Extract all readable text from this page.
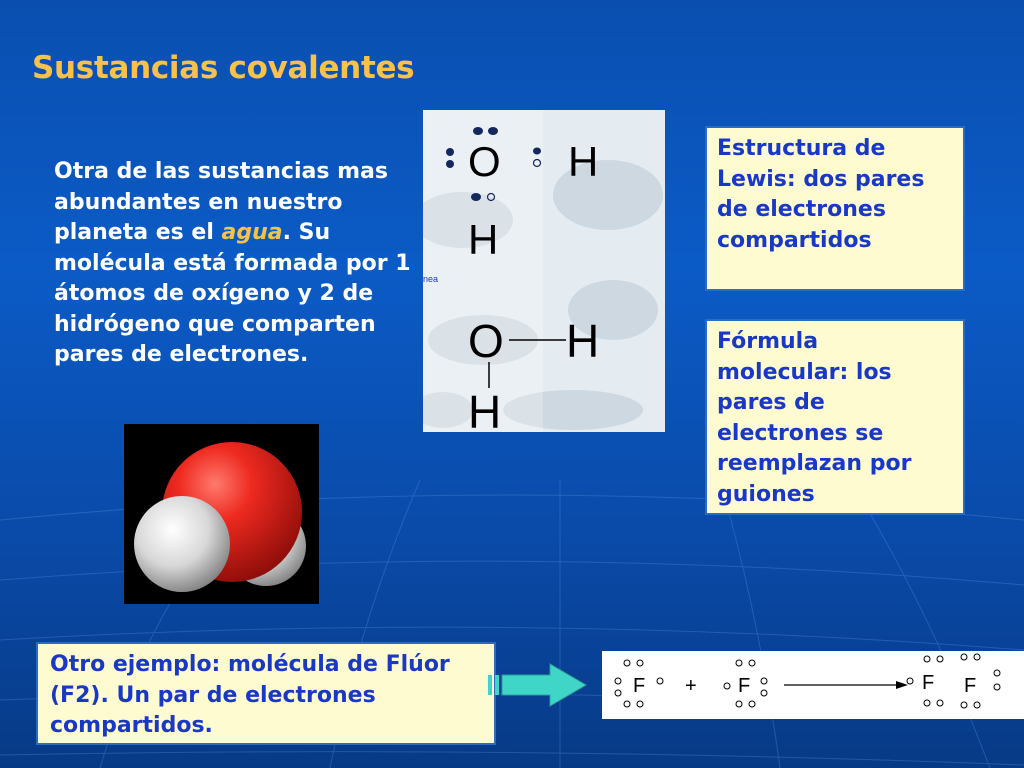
Sustancias covalentes

Otra de las sustancias mas abundantes en nuestro planeta es el agua. Su molécula está formada por 1 átomos de oxígeno y 2 de hidrógeno que comparten pares de electrones.

nea
O H
H
O H
H
Estructura de Lewis: dos pares de electrones compartidos
Fórmula molecular: los pares de electrones se reemplazan por guiones
Otro ejemplo: molécula de Flúor (F2). Un par de electrones compartidos.
F + F	F F
